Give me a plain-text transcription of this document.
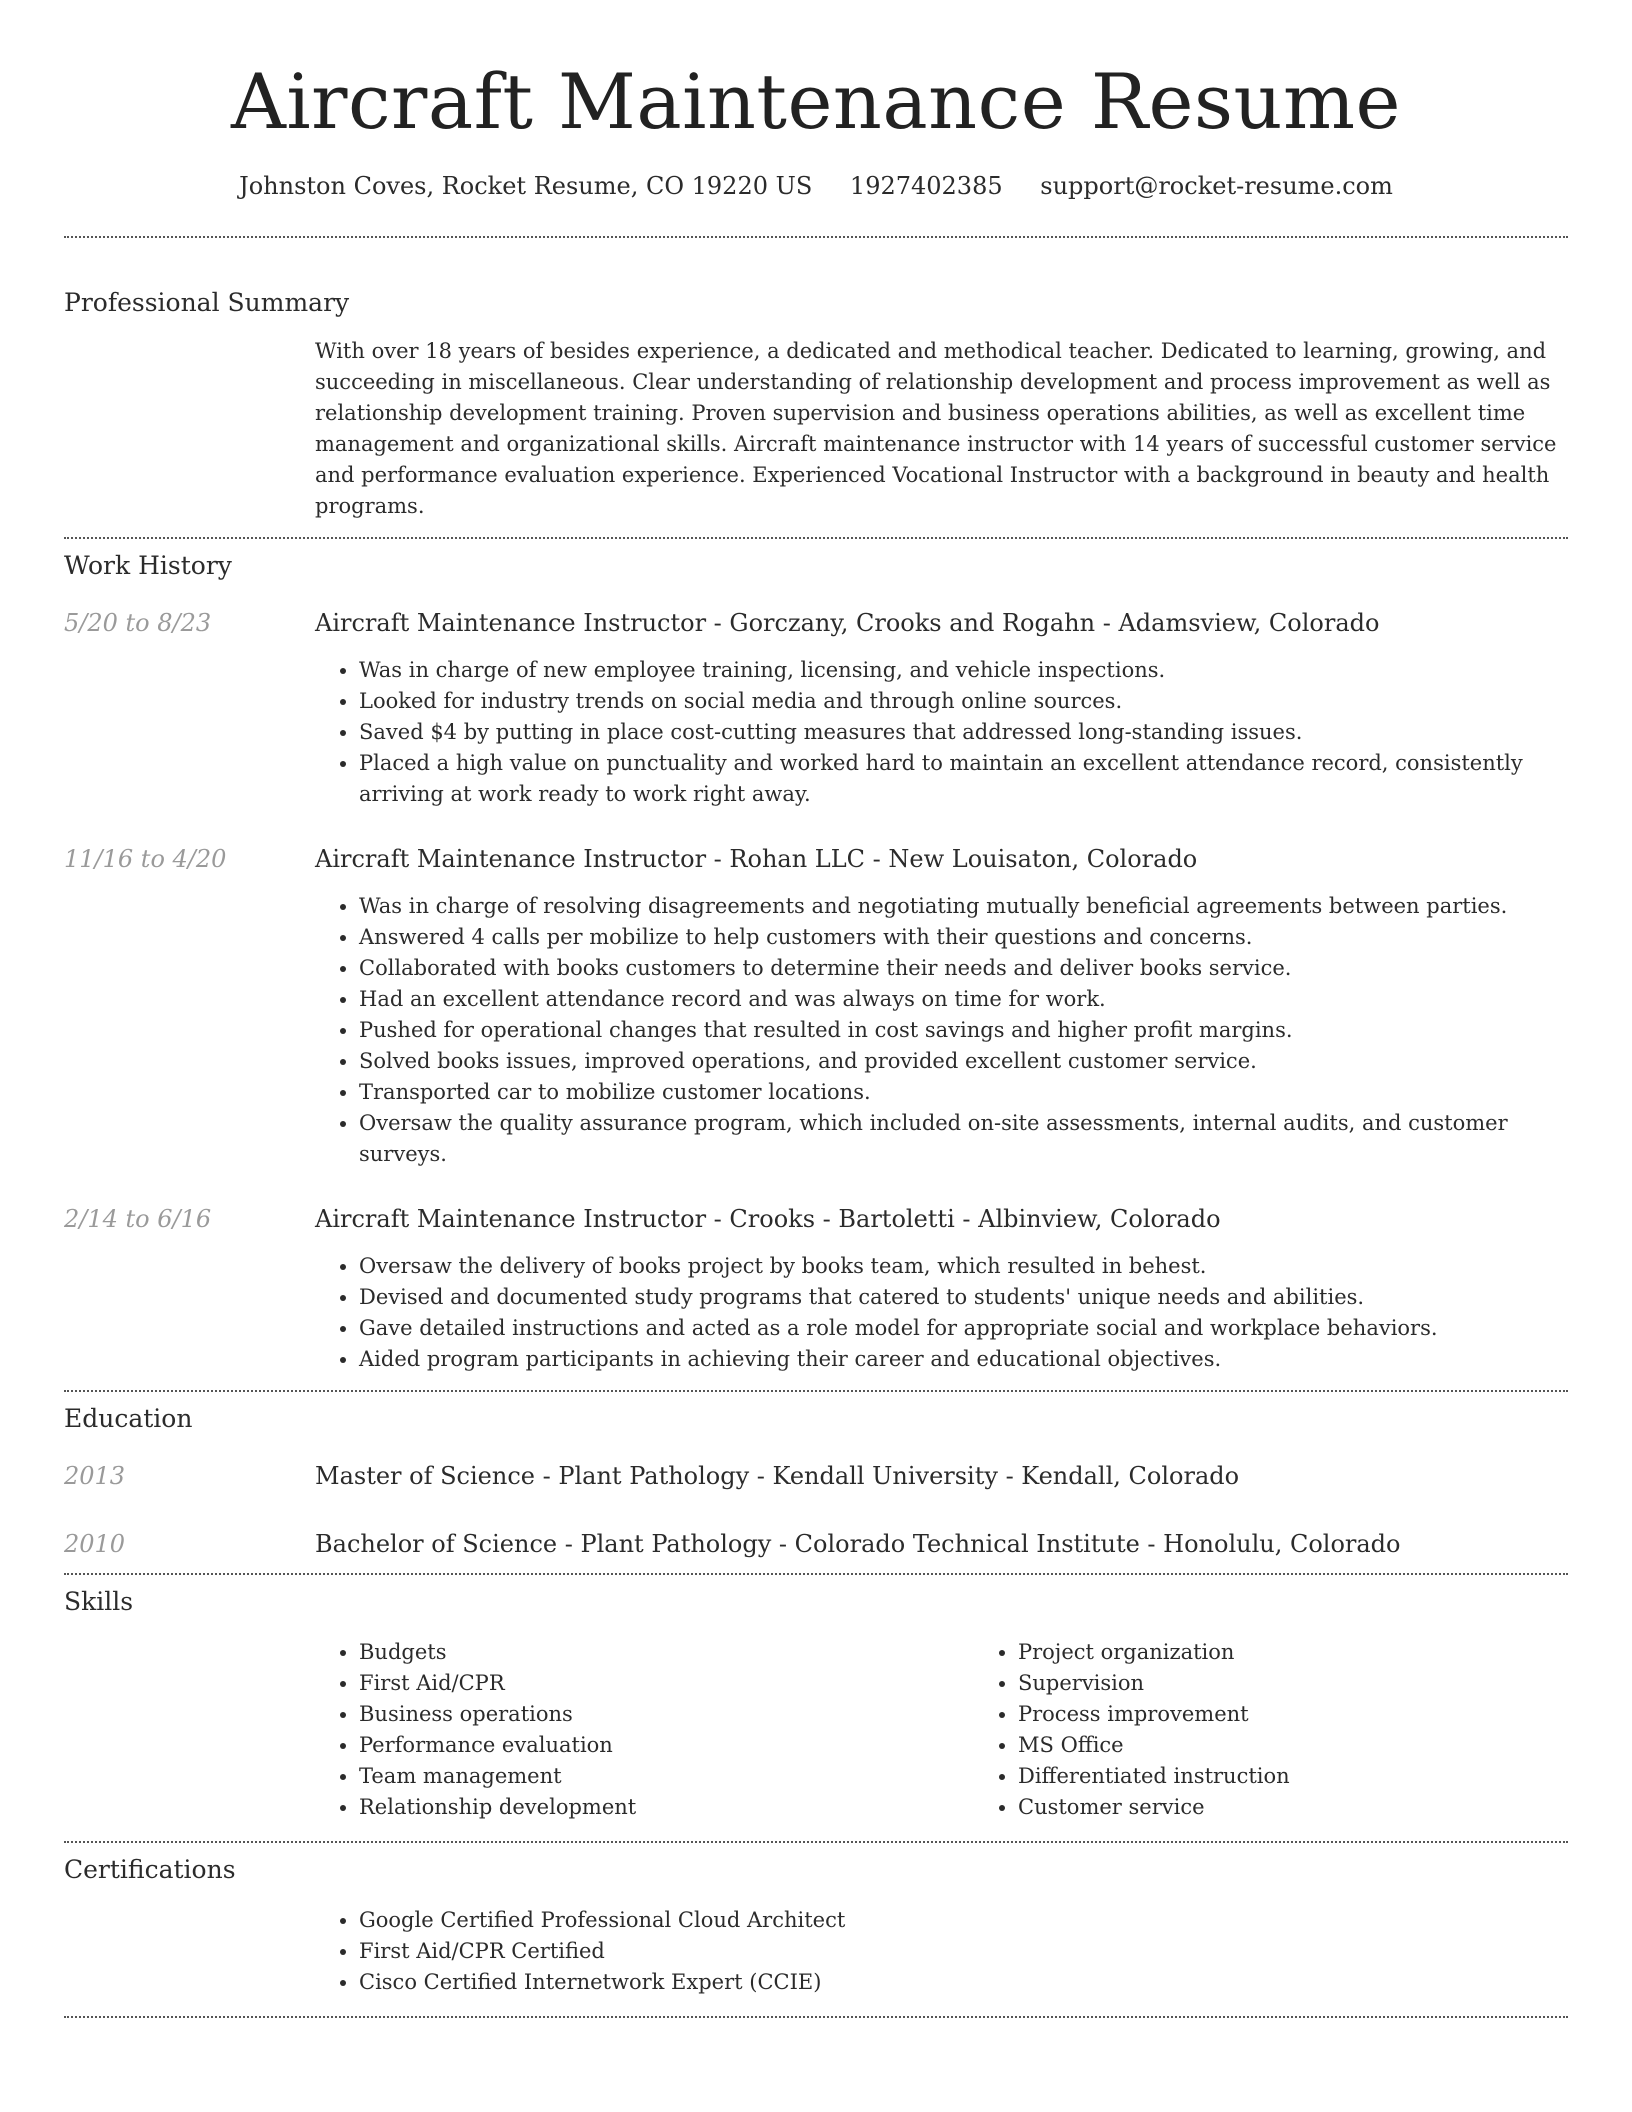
Aircraft Maintenance Resume
Johnston Coves, Rocket Resume, CO 19220 US 1927402385 support@rocket-resume.com
Professional Summary

With over 18 years of besides experience, a dedicated and methodical teacher. Dedicated to learning, growing, and succeeding in miscellaneous. Clear understanding of relationship development and process improvement as well as relationship development training. Proven supervision and business operations abilities, as well as excellent time management and organizational skills. Aircraft maintenance instructor with 14 years of successful customer service and performance evaluation experience. Experienced Vocational Instructor with a background in beauty and health programs.

Work History
5/20 to 8/23	Aircraft Maintenance Instructor - Gorczany, Crooks and Rogahn - Adamsview, Colorado
• Was in charge of new employee training, licensing, and vehicle inspections.
• Looked for industry trends on social media and through online sources.
• Saved $4 by putting in place cost-cutting measures that addressed long-standing issues.
• Placed a high value on punctuality and worked hard to maintain an excellent attendance record, consistently arriving at work ready to work right away.
11/16 to 4/20	Aircraft Maintenance Instructor - Rohan LLC - New Louisaton, Colorado
• Was in charge of resolving disagreements and negotiating mutually beneficial agreements between parties.
• Answered 4 calls per mobilize to help customers with their questions and concerns.
• Collaborated with books customers to determine their needs and deliver books service.
• Had an excellent attendance record and was always on time for work.
• Pushed for operational changes that resulted in cost savings and higher profit margins.
• Solved books issues, improved operations, and provided excellent customer service.
• Transported car to mobilize customer locations.
• Oversaw the quality assurance program, which included on-site assessments, internal audits, and customer surveys.
2/14 to 6/16	Aircraft Maintenance Instructor - Crooks - Bartoletti - Albinview, Colorado
• Oversaw the delivery of books project by books team, which resulted in behest.
• Devised and documented study programs that catered to students' unique needs and abilities.
• Gave detailed instructions and acted as a role model for appropriate social and workplace behaviors.
• Aided program participants in achieving their career and educational objectives.
Education
2013	Master of Science - Plant Pathology - Kendall University - Kendall, Colorado
2010	Bachelor of Science - Plant Pathology - Colorado Technical Institute - Honolulu, Colorado
Skills
• Budgets
• First Aid/CPR
• Business operations
• Performance evaluation
• Team management
• Relationship development
• Project organization
• Supervision
• Process improvement
• MS Office
• Differentiated instruction
• Customer service
Certifications
• Google Certified Professional Cloud Architect
• First Aid/CPR Certified
• Cisco Certified Internetwork Expert (CCIE)
